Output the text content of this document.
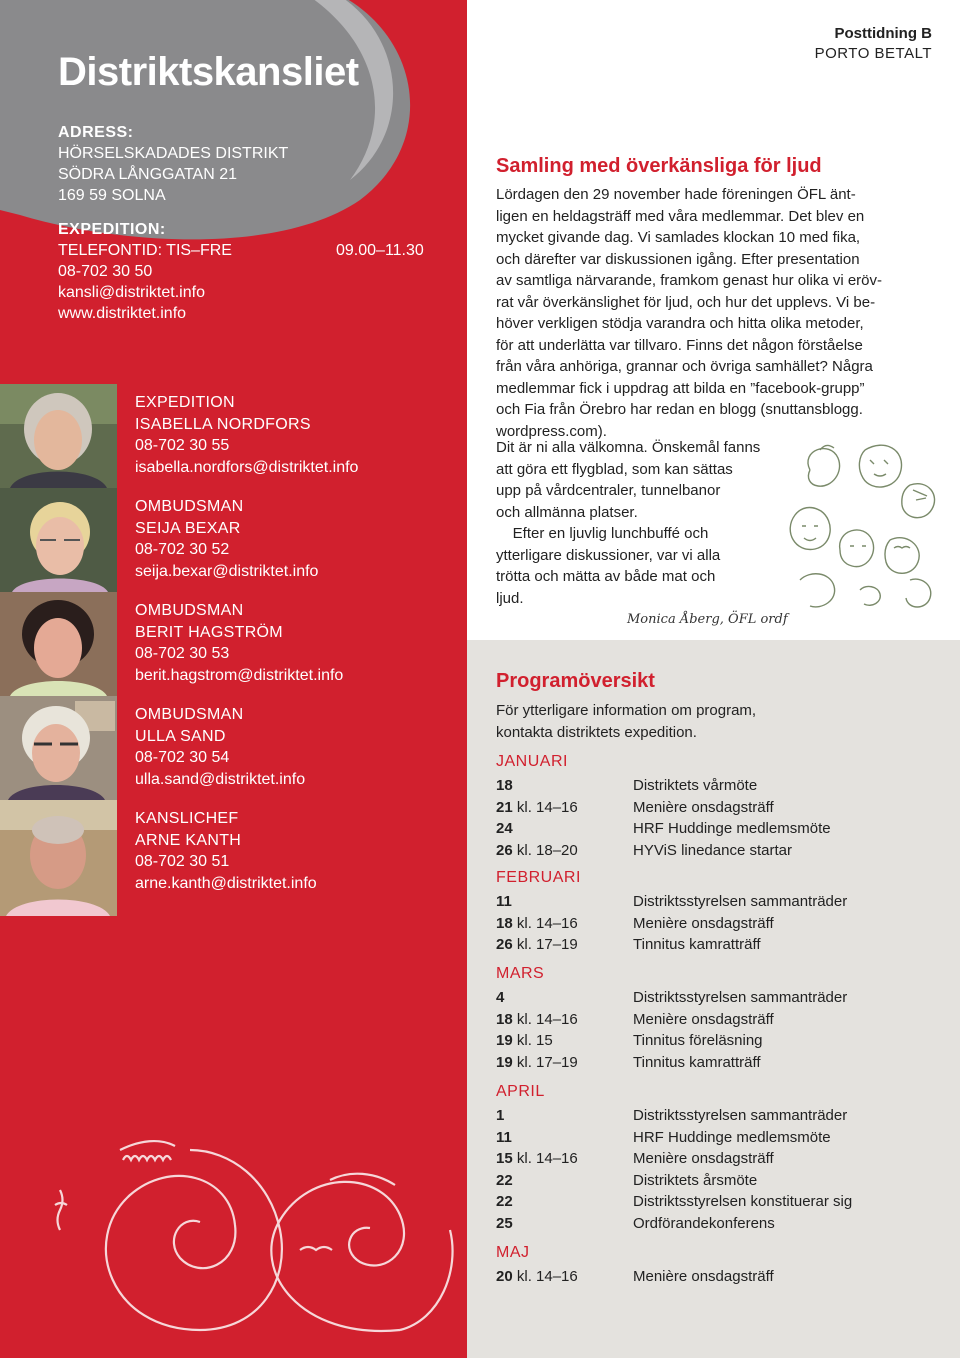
Distriktskansliet
ADRESS:
HÖRSELSKADADES DISTRIKT
SÖDRA LÅNGGATAN 21
169 59 SOLNA
EXPEDITION:
TELEFONTID: TIS–FRE	09.00–11.30
08-702 30 50
kansli@distriktet.info
www.distriktet.info
EXPEDITION
ISABELLA NORDFORS
08-702 30 55
isabella.nordfors@distriktet.info
OMBUDSMAN
SEIJA BEXAR
08-702 30 52
seija.bexar@distriktet.info
OMBUDSMAN
BERIT HAGSTRÖM
08-702 30 53
berit.hagstrom@distriktet.info
OMBUDSMAN
ULLA SAND
08-702 30 54
ulla.sand@distriktet.info
KANSLICHEF
ARNE KANTH
08-702 30 51
arne.kanth@distriktet.info
Posttidning B
PORTO BETALT
Samling med överkänsliga för ljud

Lördagen den 29 november hade föreningen ÖFL änt-

ligen en heldagsträff med våra medlemmar. Det blev en

mycket givande dag. Vi samlades klockan 10 med fika,

och därefter var diskussionen igång. Efter presentation

av samtliga närvarande, framkom genast hur olika vi eröv-

rat vår överkänslighet för ljud, och hur det upplevs. Vi be-

höver verkligen stödja varandra och hitta olika metoder,

för att underlätta var tillvaro. Finns det någon förståelse

från våra anhöriga, grannar och övriga samhället? Några

medlemmar fick i uppdrag att bilda en ”facebook-grupp”

och Fia från Örebro har redan en blogg (snuttansblogg.

wordpress.com).

Dit är ni alla välkomna. Önskemål fanns

att göra ett flygblad, som kan sättas

upp på vårdcentraler, tunnelbanor

och allmänna platser.

Efter en ljuvlig lunchbuffé och

ytterligare diskussioner, var vi alla

trötta och mätta av både mat och

ljud.

Monica Åberg, ÖFL ordf
Programöversikt
För ytterligare information om program,
kontakta distriktets expedition.
JANUARI
18	Distriktets vårmöte
21 kl. 14–16	Menière onsdagsträff
24	HRF Huddinge medlemsmöte
26 kl. 18–20	HYViS linedance startar
FEBRUARI
11	Distriktsstyrelsen sammanträder
18 kl. 14–16	Menière onsdagsträff
26 kl. 17–19	Tinnitus kamratträff
MARS
4	Distriktsstyrelsen sammanträder
18 kl. 14–16	Menière onsdagsträff
19 kl. 15	Tinnitus föreläsning
19 kl. 17–19	Tinnitus kamratträff
APRIL
1	Distriktsstyrelsen sammanträder
11	HRF Huddinge medlemsmöte
15 kl. 14–16	Menière onsdagsträff
22	Distriktets årsmöte
22	Distriktsstyrelsen konstituerar sig
25	Ordförandekonferens
MAJ
20 kl. 14–16	Menière onsdagsträff
